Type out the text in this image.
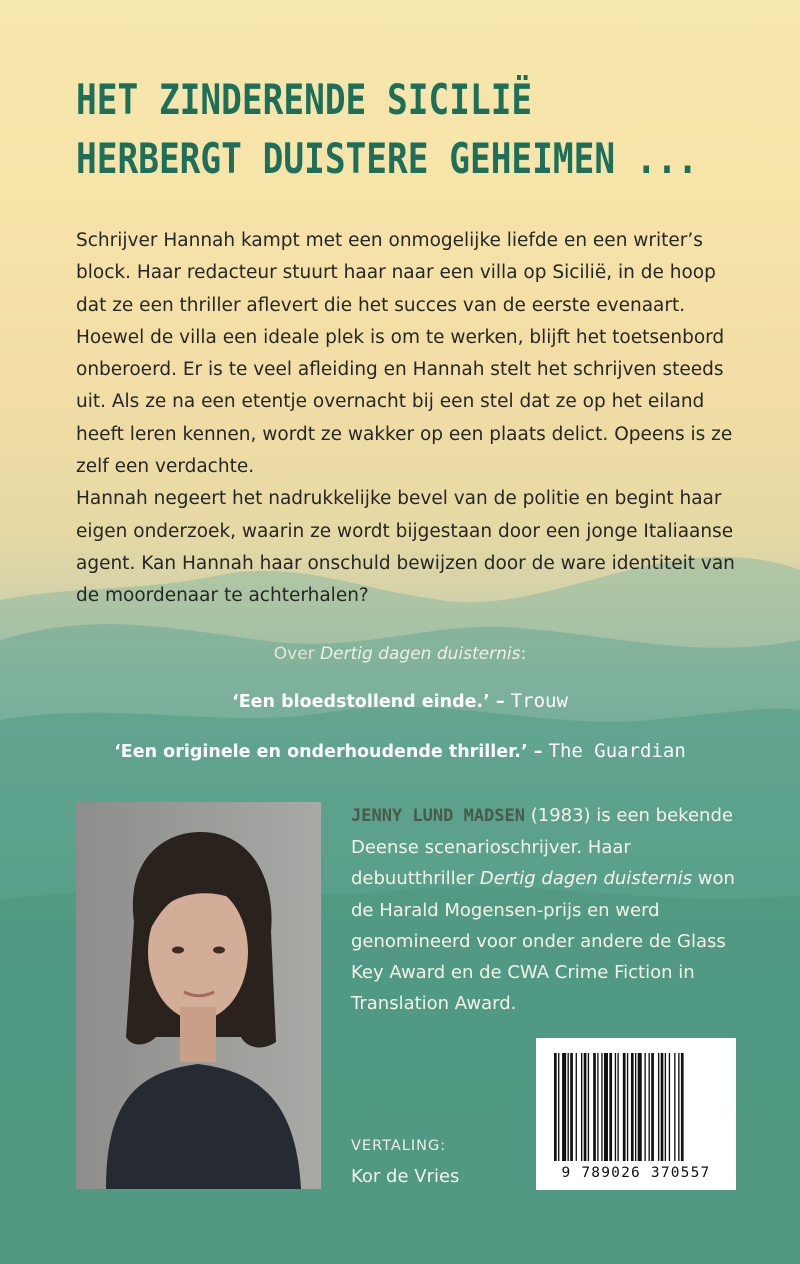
HET ZINDERENDE SICILIË
HERBERGT DUISTERE GEHEIMEN ...

Schrijver Hannah kampt met een onmogelijke liefde en een writer’s block. Haar redacteur stuurt haar naar een villa op Sicilië, in de hoop dat ze een thriller aflevert die het succes van de eerste evenaart. Hoewel de villa een ideale plek is om te werken, blijft het toetsenbord onberoerd. Er is te veel afleiding en Hannah stelt het schrijven steeds uit. Als ze na een etentje overnacht bij een stel dat ze op het eiland heeft leren kennen, wordt ze wakker op een plaats delict. Opeens is ze zelf een verdachte.

Hannah negeert het nadrukkelijke bevel van de politie en begint haar eigen onderzoek, waarin ze wordt bijgestaan door een jonge Italiaanse agent. Kan Hannah haar onschuld bewijzen door de ware identiteit van de moordenaar te achterhalen?

Over Dertig dagen duisternis:
‘Een bloedstollend einde.’ – Trouw
‘Een originele en onderhoudende thriller.’ – The Guardian
JENNY LUND MADSEN (1983) is een bekende Deense scenarioschrijver. Haar debuutthriller Dertig dagen duisternis won de Harald Mogensen-prijs en werd genomineerd voor onder andere de Glass Key Award en de CWA Crime Fiction in Translation Award.
VERTALING:
Kor de Vries	9 789026 370557
